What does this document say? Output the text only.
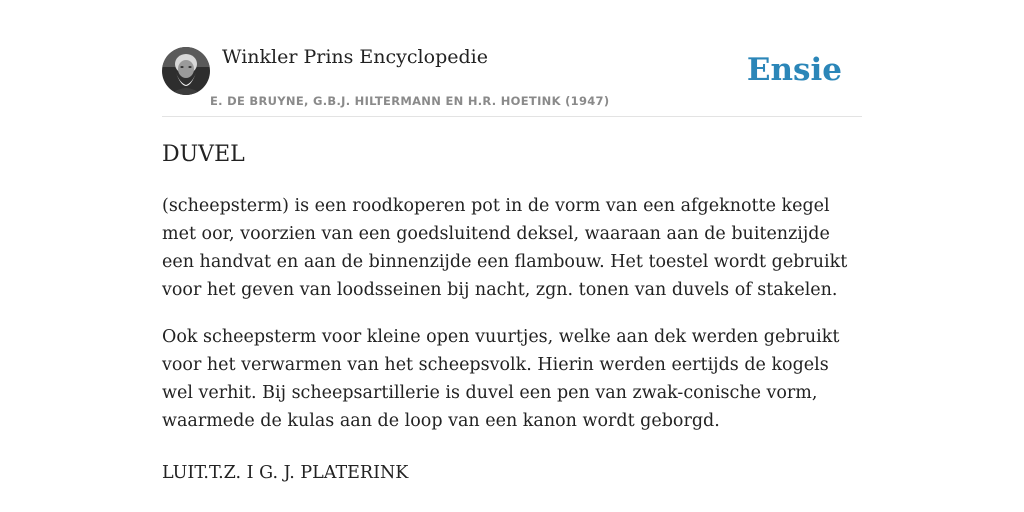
Winkler Prins Encyclopedie
E. DE BRUYNE, G.B.J. HILTERMANN EN H.R. HOETINK (1947)
Ensie
DUVEL

(scheepsterm) is een roodkoperen pot in de vorm van een afgeknotte kegel met oor, voorzien van een goedsluitend deksel, waaraan aan de buitenzijde een handvat en aan de binnenzijde een flambouw. Het toestel wordt gebruikt voor het geven van loodsseinen bij nacht, zgn. tonen van duvels of stakelen.

Ook scheepsterm voor kleine open vuurtjes, welke aan dek werden gebruikt voor het verwarmen van het scheepsvolk. Hierin werden eertijds de kogels wel verhit. Bij scheepsartillerie is duvel een pen van zwak-conische vorm, waarmede de kulas aan de loop van een kanon wordt geborgd.

LUIT.T.Z. I G. J. PLATERINK
